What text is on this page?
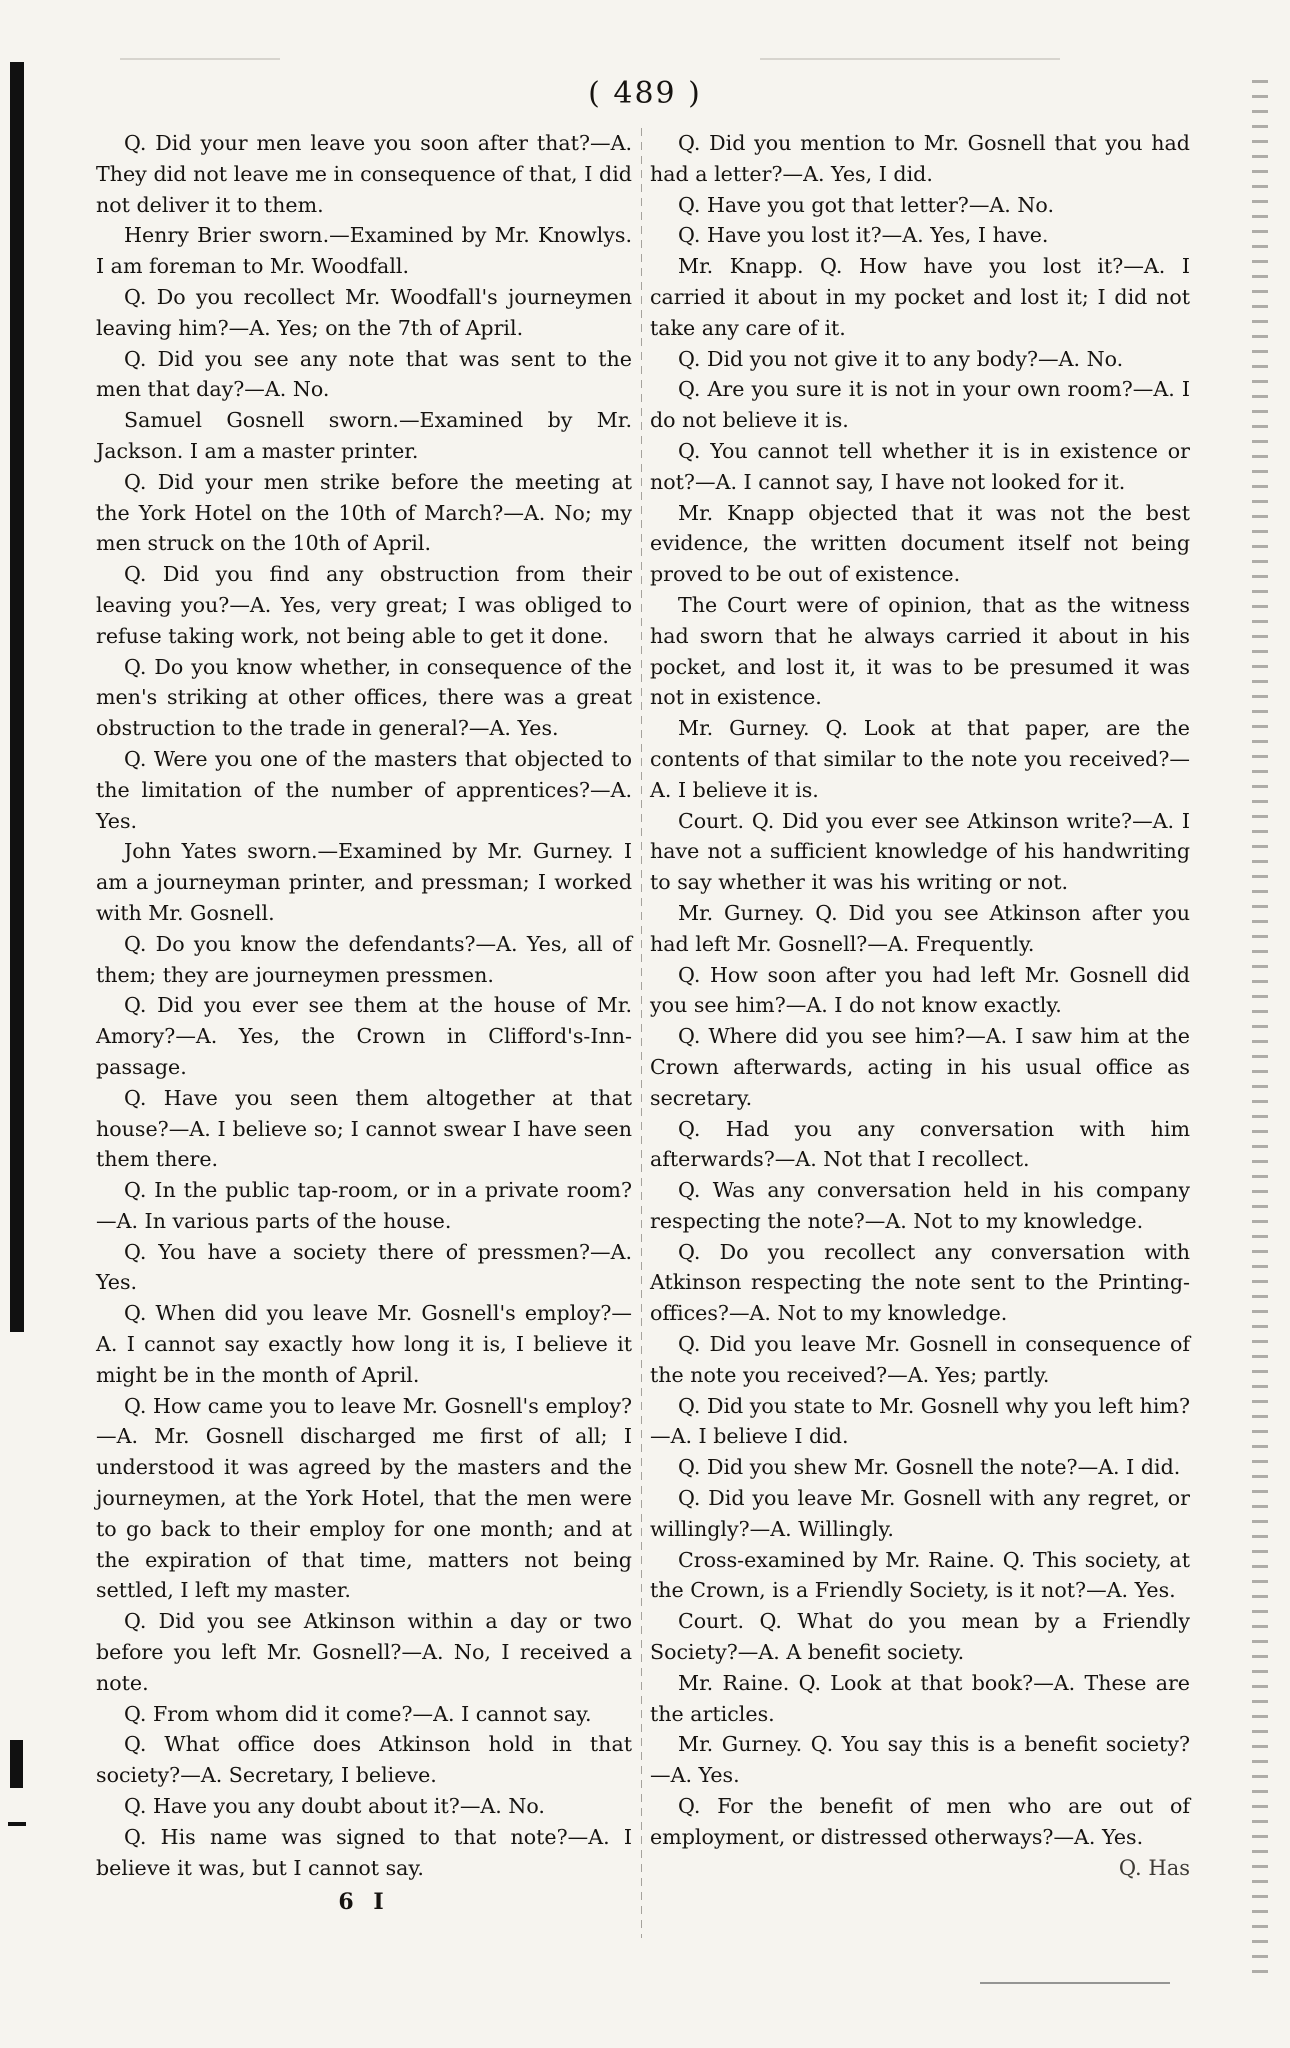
( 489 )

Q. Did your men leave you soon after that?—A. They did not leave me in consequence of that, I did not deliver it to them.

Henry Brier sworn.—Examined by Mr. Knowlys. I am foreman to Mr. Woodfall.

Q. Do you recollect Mr. Woodfall's journeymen leaving him?—A. Yes; on the 7th of April.

Q. Did you see any note that was sent to the men that day?—A. No.

Samuel Gosnell sworn.—Examined by Mr. Jackson. I am a master printer.

Q. Did your men strike before the meeting at the York Hotel on the 10th of March?—A. No; my men struck on the 10th of April.

Q. Did you find any obstruction from their leaving you?—A. Yes, very great; I was obliged to refuse taking work, not being able to get it done.

Q. Do you know whether, in consequence of the men's striking at other offices, there was a great obstruction to the trade in general?—A. Yes.

Q. Were you one of the masters that objected to the limitation of the number of apprentices?—A. Yes.

John Yates sworn.—Examined by Mr. Gurney. I am a journeyman printer, and pressman; I worked with Mr. Gosnell.

Q. Do you know the defendants?—A. Yes, all of them; they are journeymen pressmen.

Q. Did you ever see them at the house of Mr. Amory?—A. Yes, the Crown in Clifford's-Inn-passage.

Q. Have you seen them altogether at that house?—A. I believe so; I cannot swear I have seen them there.

Q. In the public tap-room, or in a private room?—A. In various parts of the house.

Q. You have a society there of pressmen?—A. Yes.

Q. When did you leave Mr. Gosnell's employ?—A. I cannot say exactly how long it is, I believe it might be in the month of April.

Q. How came you to leave Mr. Gosnell's employ?—A. Mr. Gosnell discharged me first of all; I understood it was agreed by the masters and the journeymen, at the York Hotel, that the men were to go back to their employ for one month; and at the expiration of that time, matters not being settled, I left my master.

Q. Did you see Atkinson within a day or two before you left Mr. Gosnell?—A. No, I received a note.

Q. From whom did it come?—A. I cannot say.

Q. What office does Atkinson hold in that society?—A. Secretary, I believe.

Q. Have you any doubt about it?—A. No.

Q. His name was signed to that note?—A. I believe it was, but I cannot say.

6 I

Q. Did you mention to Mr. Gosnell that you had had a letter?—A. Yes, I did.

Q. Have you got that letter?—A. No.

Q. Have you lost it?—A. Yes, I have.

Mr. Knapp. Q. How have you lost it?—A. I carried it about in my pocket and lost it; I did not take any care of it.

Q. Did you not give it to any body?—A. No.

Q. Are you sure it is not in your own room?—A. I do not believe it is.

Q. You cannot tell whether it is in existence or not?—A. I cannot say, I have not looked for it.

Mr. Knapp objected that it was not the best evidence, the written document itself not being proved to be out of existence.

The Court were of opinion, that as the witness had sworn that he always carried it about in his pocket, and lost it, it was to be presumed it was not in existence.

Mr. Gurney. Q. Look at that paper, are the contents of that similar to the note you received?—A. I believe it is.

Court. Q. Did you ever see Atkinson write?—A. I have not a sufficient knowledge of his handwriting to say whether it was his writing or not.

Mr. Gurney. Q. Did you see Atkinson after you had left Mr. Gosnell?—A. Frequently.

Q. How soon after you had left Mr. Gosnell did you see him?—A. I do not know exactly.

Q. Where did you see him?—A. I saw him at the Crown afterwards, acting in his usual office as secretary.

Q. Had you any conversation with him afterwards?—A. Not that I recollect.

Q. Was any conversation held in his company respecting the note?—A. Not to my knowledge.

Q. Do you recollect any conversation with Atkinson respecting the note sent to the Printing-offices?—A. Not to my knowledge.

Q. Did you leave Mr. Gosnell in consequence of the note you received?—A. Yes; partly.

Q. Did you state to Mr. Gosnell why you left him?—A. I believe I did.

Q. Did you shew Mr. Gosnell the note?—A. I did.

Q. Did you leave Mr. Gosnell with any regret, or willingly?—A. Willingly.

Cross-examined by Mr. Raine. Q. This society, at the Crown, is a Friendly Society, is it not?—A. Yes.

Court. Q. What do you mean by a Friendly Society?—A. A benefit society.

Mr. Raine. Q. Look at that book?—A. These are the articles.

Mr. Gurney. Q. You say this is a benefit society?—A. Yes.

Q. For the benefit of men who are out of employment, or distressed otherways?—A. Yes.

Q. Has
